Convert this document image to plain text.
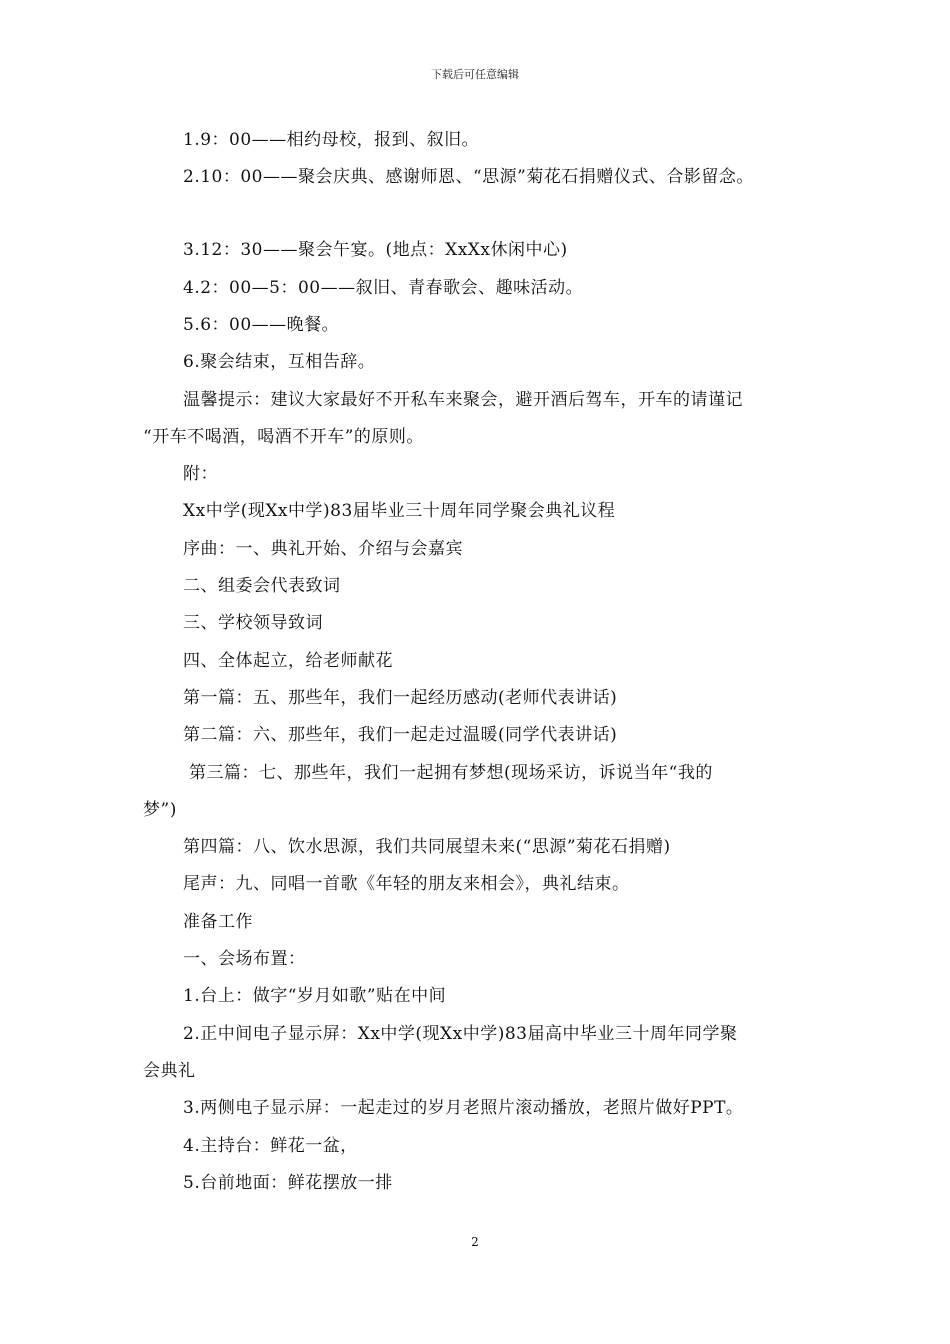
下载后可任意编辑
1.9：00——相约母校，报到、叙旧。
2.10：00——聚会庆典、感谢师恩、“思源”菊花石捐赠仪式、合影留念。
3.12：30——聚会午宴。(地点：XxXx休闲中心)
4.2：00—5：00——叙旧、青春歌会、趣味活动。
5.6：00——晚餐。
6.聚会结束，互相告辞。
温馨提示：建议大家最好不开私车来聚会，避开酒后驾车，开车的请谨记
“开车不喝酒，喝酒不开车”的原则。
附：
Xx中学(现Xx中学)83届毕业三十周年同学聚会典礼议程
序曲：一、典礼开始、介绍与会嘉宾
二、组委会代表致词
三、学校领导致词
四、全体起立，给老师献花
第一篇：五、那些年，我们一起经历感动(老师代表讲话)
第二篇：六、那些年，我们一起走过温暖(同学代表讲话)
第三篇：七、那些年，我们一起拥有梦想(现场采访，诉说当年“我的
梦”)
第四篇：八、饮水思源，我们共同展望未来(“思源”菊花石捐赠)
尾声：九、同唱一首歌《年轻的朋友来相会》，典礼结束。
准备工作
一、会场布置：
1.台上：做字“岁月如歌”贴在中间
2.正中间电子显示屏：Xx中学(现Xx中学)83届高中毕业三十周年同学聚
会典礼
3.两侧电子显示屏：一起走过的岁月老照片滚动播放，老照片做好PPT。
4.主持台：鲜花一盆，
5.台前地面：鲜花摆放一排
2
